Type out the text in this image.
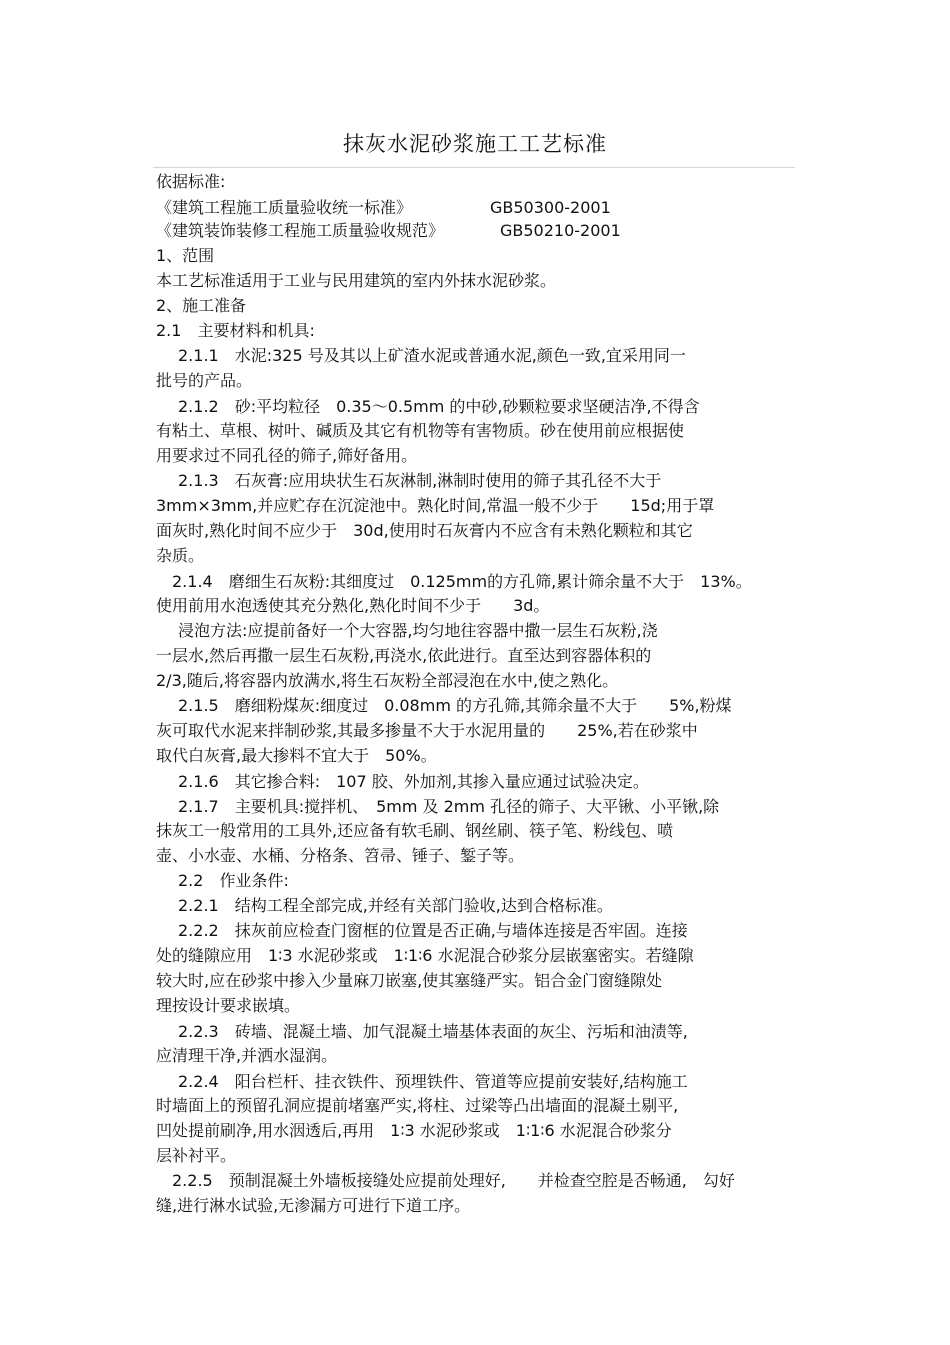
抹灰水泥砂浆施工工艺标准
依据标准:
《建筑工程施工质量验收统一标准》	GB50300-2001
《建筑装饰装修工程施工质量验收规范》	GB50210-2001
1、范围
本工艺标准适用于工业与民用建筑的室内外抹水泥砂浆。
2、施工准备
2.1　主要材料和机具:
2.1.1　水泥:325 号及其以上矿渣水泥或普通水泥,颜色一致,宜采用同一
批号的产品。
2.1.2　砂:平均粒径　0.35～0.5mm 的中砂,砂颗粒要求坚硬洁净,不得含
有粘土、草根、树叶、碱质及其它有机物等有害物质。砂在使用前应根据使
用要求过不同孔径的筛子,筛好备用。
2.1.3　石灰膏:应用块状生石灰淋制,淋制时使用的筛子其孔径不大于
3mm×3mm,并应贮存在沉淀池中。熟化时间,常温一般不少于　　15d;用于罩
面灰时,熟化时间不应少于　30d,使用时石灰膏内不应含有未熟化颗粒和其它
杂质。
2.1.4　磨细生石灰粉:其细度过　0.125mm的方孔筛,累计筛余量不大于　13%。
使用前用水泡透使其充分熟化,熟化时间不少于　　3d。
浸泡方法:应提前备好一个大容器,均匀地往容器中撒一层生石灰粉,浇
一层水,然后再撒一层生石灰粉,再浇水,依此进行。直至达到容器体积的
2/3,随后,将容器内放满水,将生石灰粉全部浸泡在水中,使之熟化。
2.1.5　磨细粉煤灰:细度过　0.08mm 的方孔筛,其筛余量不大于　　5%,粉煤
灰可取代水泥来拌制砂浆,其最多掺量不大于水泥用量的　　25%,若在砂浆中
取代白灰膏,最大掺料不宜大于　50%。
2.1.6　其它掺合料:　107 胶、外加剂,其掺入量应通过试验决定。
2.1.7　主要机具:搅拌机、　5mm 及 2mm 孔径的筛子、大平锹、小平锹,除
抹灰工一般常用的工具外,还应备有软毛刷、钢丝刷、筷子笔、粉线包、喷
壶、小水壶、水桶、分格条、笤帚、锤子、錾子等。
2.2　作业条件:
2.2.1　结构工程全部完成,并经有关部门验收,达到合格标准。
2.2.2　抹灰前应检查门窗框的位置是否正确,与墙体连接是否牢固。连接
处的缝隙应用　1∶3 水泥砂浆或　1∶1∶6 水泥混合砂浆分层嵌塞密实。若缝隙
较大时,应在砂浆中掺入少量麻刀嵌塞,使其塞缝严实。铝合金门窗缝隙处
理按设计要求嵌填。
2.2.3　砖墙、混凝土墙、加气混凝土墙基体表面的灰尘、污垢和油渍等,
应清理干净,并洒水湿润。
2.2.4　阳台栏杆、挂衣铁件、预埋铁件、管道等应提前安装好,结构施工
时墙面上的预留孔洞应提前堵塞严实,将柱、过梁等凸出墙面的混凝土剔平,
凹处提前刷净,用水洇透后,再用　1∶3 水泥砂浆或　1∶1∶6 水泥混合砂浆分
层补衬平。
2.2.5　预制混凝土外墙板接缝处应提前处理好,　　并检查空腔是否畅通,　勾好
缝,进行淋水试验,无渗漏方可进行下道工序。
